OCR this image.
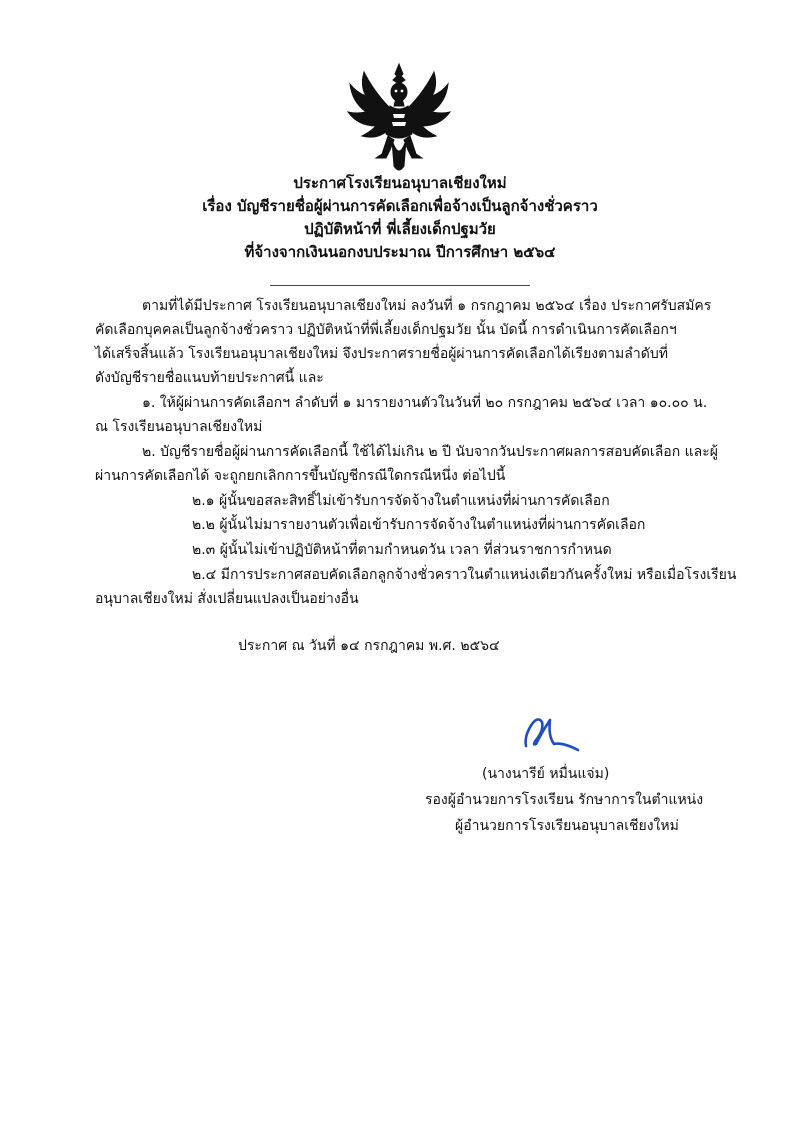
ประกาศโรงเรียนอนุบาลเชียงใหม่
เรื่อง บัญชีรายชื่อผู้ผ่านการคัดเลือกเพื่อจ้างเป็นลูกจ้างชั่วคราว
ปฏิบัติหน้าที่ พี่เลี้ยงเด็กปฐมวัย
ที่จ้างจากเงินนอกงบประมาณ ปีการศึกษา ๒๕๖๔
ตามที่ได้มีประกาศ โรงเรียนอนุบาลเชียงใหม่ ลงวันที่ ๑ กรกฎาคม ๒๕๖๔ เรื่อง ประกาศรับสมัคร
คัดเลือกบุคคลเป็นลูกจ้างชั่วคราว ปฏิบัติหน้าที่พี่เลี้ยงเด็กปฐมวัย นั้น บัดนี้ การดำเนินการคัดเลือกฯ
ได้เสร็จสิ้นแล้ว โรงเรียนอนุบาลเชียงใหม่ จึงประกาศรายชื่อผู้ผ่านการคัดเลือกได้เรียงตามลำดับที่
ดังบัญชีรายชื่อแนบท้ายประกาศนี้ และ
๑. ให้ผู้ผ่านการคัดเลือกฯ ลำดับที่ ๑ มารายงานตัวในวันที่ ๒๐ กรกฎาคม ๒๕๖๔ เวลา ๑๐.๐๐ น.
ณ โรงเรียนอนุบาลเชียงใหม่
๒. บัญชีรายชื่อผู้ผ่านการคัดเลือกนี้ ใช้ได้ไม่เกิน ๒ ปี นับจากวันประกาศผลการสอบคัดเลือก และผู้
ผ่านการคัดเลือกได้ จะถูกยกเลิกการขึ้นบัญชีกรณีใดกรณีหนึ่ง ต่อไปนี้
๒.๑ ผู้นั้นขอสละสิทธิ์ไม่เข้ารับการจัดจ้างในตำแหน่งที่ผ่านการคัดเลือก
๒.๒ ผู้นั้นไม่มารายงานตัวเพื่อเข้ารับการจัดจ้างในตำแหน่งที่ผ่านการคัดเลือก
๒.๓ ผู้นั้นไม่เข้าปฏิบัติหน้าที่ตามกำหนดวัน เวลา ที่ส่วนราชการกำหนด
๒.๔ มีการประกาศสอบคัดเลือกลูกจ้างชั่วคราวในตำแหน่งเดียวกันครั้งใหม่ หรือเมื่อโรงเรียน
อนุบาลเชียงใหม่ สั่งเปลี่ยนแปลงเป็นอย่างอื่น
ประกาศ ณ วันที่ ๑๔ กรกฎาคม พ.ศ. ๒๕๖๔
(นางนารีย์ หมื่นแจ่ม)
รองผู้อำนวยการโรงเรียน รักษาการในตำแหน่ง
ผู้อำนวยการโรงเรียนอนุบาลเชียงใหม่
